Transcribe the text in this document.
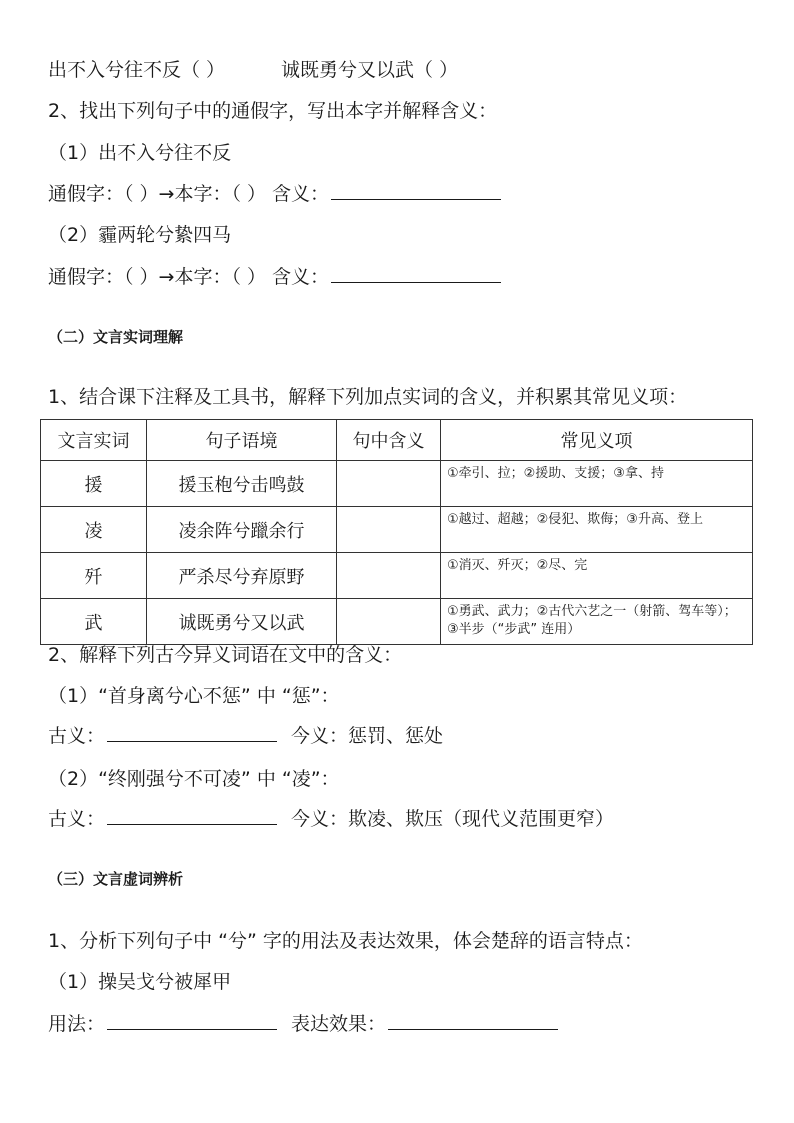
出不入兮往不反（ ）	诚既勇兮又以武（ ）
2、找出下列句子中的通假字，写出本字并解释含义：
（1）出不入兮往不反
通假字：（ ）→本字：（ ） 含义：
（2）霾两轮兮絷四马
通假字：（ ）→本字：（ ） 含义：
（二）文言实词理解
1、结合课下注释及工具书，解释下列加点实词的含义，并积累其常见义项：
文言实词	句子语境	句中含义	常见义项
援	援玉枹兮击鸣鼓		①牵引、拉；②援助、支援；③拿、持
凌	凌余阵兮躐余行		①越过、超越；②侵犯、欺侮；③升高、登上
歼	严杀尽兮弃原野		①消灭、歼灭；②尽、完
武	诚既勇兮又以武		①勇武、武力；②古代六艺之一（射箭、驾车等）；③半步（“步武” 连用）
2、解释下列古今异义词语在文中的含义：
（1）“首身离兮心不惩” 中 “惩”：
古义：	今义：惩罚、惩处
（2）“终刚强兮不可凌” 中 “凌”：
古义：	今义：欺凌、欺压（现代义范围更窄）
（三）文言虚词辨析
1、分析下列句子中 “兮” 字的用法及表达效果，体会楚辞的语言特点：
（1）操吴戈兮被犀甲
用法：	表达效果：
